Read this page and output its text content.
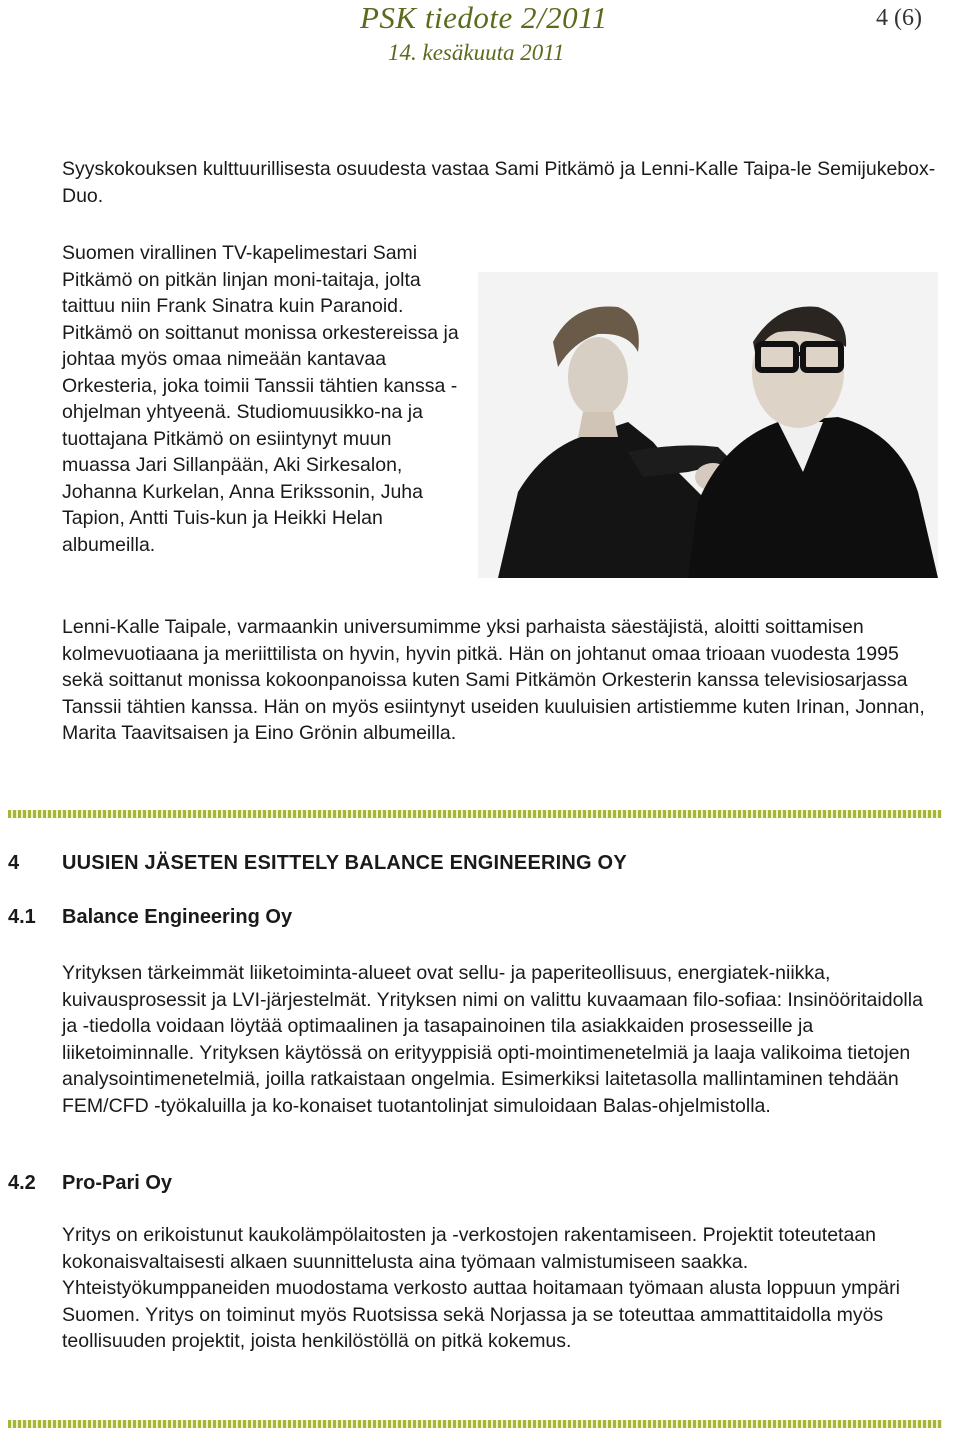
PSK tiedote 2/2011	4 (6)
14. kesäkuuta 2011

Syyskokouksen kulttuurillisesta osuudesta vastaa Sami Pitkämö ja Lenni-Kalle Taipa-le Semijukebox-Duo.

Suomen virallinen TV-kapelimestari Sami Pitkämö on pitkän linjan moni-taitaja, jolta taittuu niin Frank Sinatra kuin Paranoid. Pitkämö on soittanut monissa orkestereissa ja johtaa myös omaa nimeään kantavaa Orkesteria, joka toimii Tanssii tähtien kanssa -ohjelman yhtyeenä. Studiomuusikko-na ja tuottajana Pitkämö on esiintynyt muun muassa Jari Sillanpään, Aki Sirkesalon, Johanna Kurkelan, Anna Erikssonin, Juha Tapion, Antti Tuis-kun ja Heikki Helan albumeilla.

Lenni-Kalle Taipale, varmaankin universumimme yksi parhaista säestäjistä, aloitti soittamisen kolmevuotiaana ja meriittilista on hyvin, hyvin pitkä. Hän on johtanut omaa trioaan vuodesta 1995 sekä soittanut monissa kokoonpanoissa kuten Sami Pitkämön Orkesterin kanssa televisiosarjassa Tanssii tähtien kanssa. Hän on myös esiintynyt useiden kuuluisien artistiemme kuten Irinan, Jonnan, Marita Taavitsaisen ja Eino Grönin albumeilla.

4 UUSIEN JÄSETEN ESITTELY BALANCE ENGINEERING OY
4.1 Balance Engineering Oy

Yrityksen tärkeimmät liiketoiminta-alueet ovat sellu- ja paperiteollisuus, energiatek-niikka, kuivausprosessit ja LVI-järjestelmät. Yrityksen nimi on valittu kuvaamaan filo-sofiaa: Insinööritaidolla ja -tiedolla voidaan löytää optimaalinen ja tasapainoinen tila asiakkaiden prosesseille ja liiketoiminnalle. Yrityksen käytössä on erityyppisiä opti-mointimenetelmiä ja laaja valikoima tietojen analysointimenetelmiä, joilla ratkaistaan ongelmia. Esimerkiksi laitetasolla mallintaminen tehdään FEM/CFD -työkaluilla ja ko-konaiset tuotantolinjat simuloidaan Balas-ohjelmistolla.

4.2 Pro-Pari Oy

Yritys on erikoistunut kaukolämpölaitosten ja -verkostojen rakentamiseen. Projektit toteutetaan kokonaisvaltaisesti alkaen suunnittelusta aina työmaan valmistumiseen saakka. Yhteistyökumppaneiden muodostama verkosto auttaa hoitamaan työmaan alusta loppuun ympäri Suomen. Yritys on toiminut myös Ruotsissa sekä Norjassa ja se toteuttaa ammattitaidolla myös teollisuuden projektit, joista henkilöstöllä on pitkä kokemus.
